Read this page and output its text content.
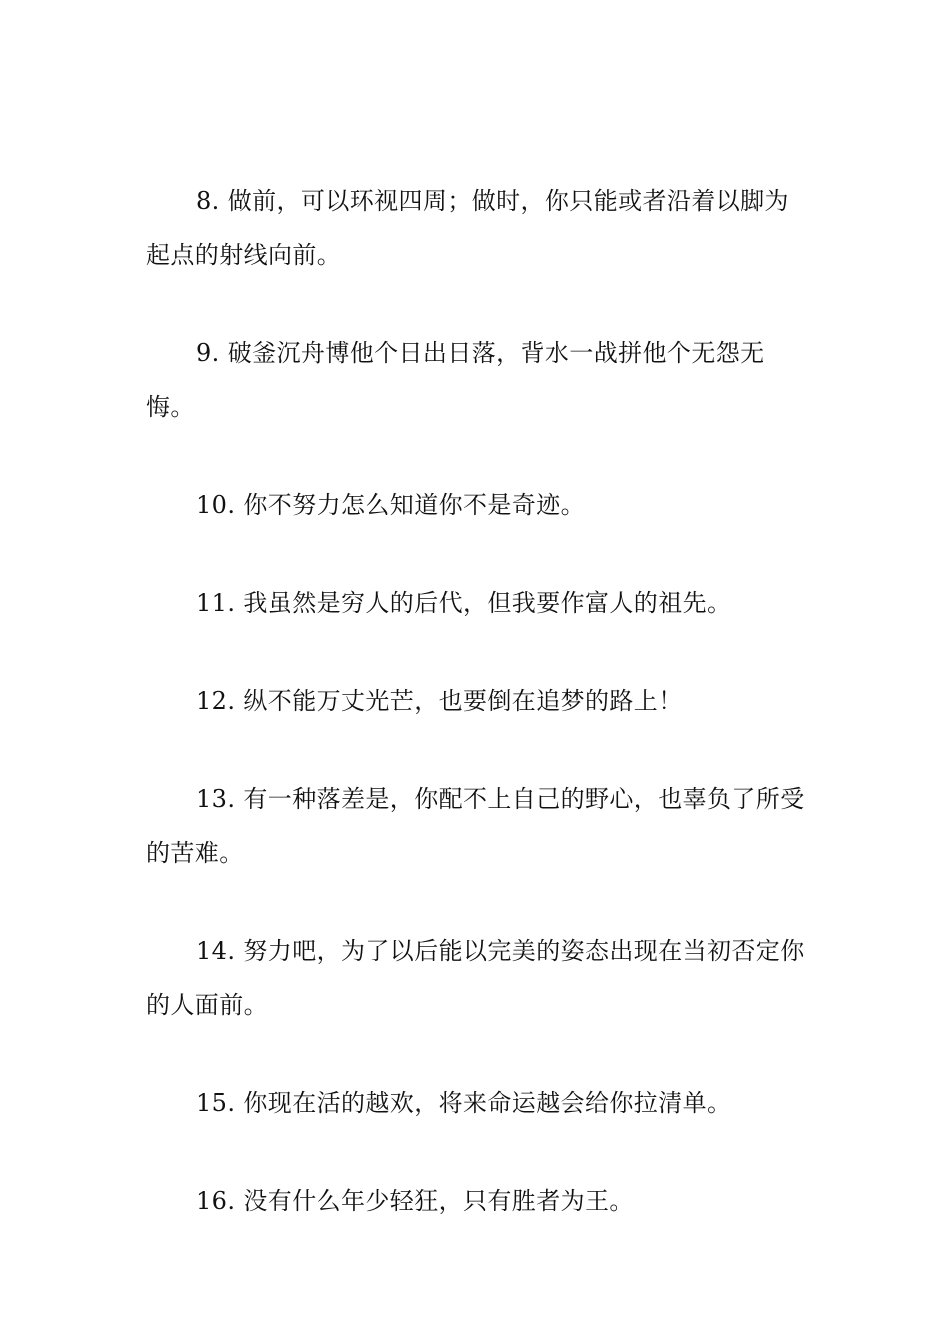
8. 做前，可以环视四周；做时，你只能或者沿着以脚为起点的射线向前。

9. 破釜沉舟博他个日出日落，背水一战拼他个无怨无悔。

10. 你不努力怎么知道你不是奇迹。

11. 我虽然是穷人的后代，但我要作富人的祖先。

12. 纵不能万丈光芒，也要倒在追梦的路上！

13. 有一种落差是，你配不上自己的野心，也辜负了所受的苦难。

14. 努力吧，为了以后能以完美的姿态出现在当初否定你的人面前。

15. 你现在活的越欢，将来命运越会给你拉清单。

16. 没有什么年少轻狂，只有胜者为王。
